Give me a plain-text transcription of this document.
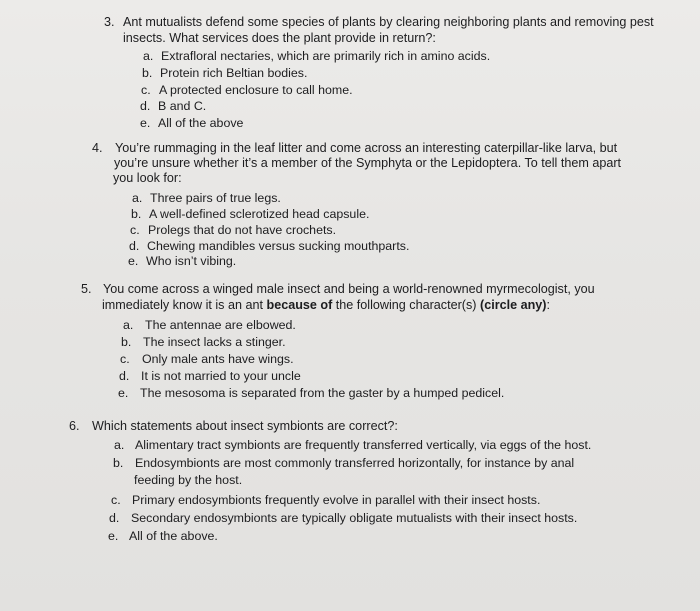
3. Ant mutualists defend some species of plants by clearing neighboring plants and removing pest
insects. What services does the plant provide in return?:
a. Extrafloral nectaries, which are primarily rich in amino acids.
b. Protein rich Beltian bodies.
c. A protected enclosure to call home.
d. B and C.
e. All of the above
4. You’re rummaging in the leaf litter and come across an interesting caterpillar-like larva, but
you’re unsure whether it’s a member of the Symphyta or the Lepidoptera. To tell them apart
you look for:
a. Three pairs of true legs.
b. A well-defined sclerotized head capsule.
c. Prolegs that do not have crochets.
d. Chewing mandibles versus sucking mouthparts.
e. Who isn’t vibing.
5. You come across a winged male insect and being a world-renowned myrmecologist, you
immediately know it is an ant because of the following character(s) (circle any):
a. The antennae are elbowed.
b. The insect lacks a stinger.
c. Only male ants have wings.
d. It is not married to your uncle
e. The mesosoma is separated from the gaster by a humped pedicel.
6. Which statements about insect symbionts are correct?:
a. Alimentary tract symbionts are frequently transferred vertically, via eggs of the host.
b. Endosymbionts are most commonly transferred horizontally, for instance by anal
feeding by the host.
c. Primary endosymbionts frequently evolve in parallel with their insect hosts.
d. Secondary endosymbionts are typically obligate mutualists with their insect hosts.
e. All of the above.
